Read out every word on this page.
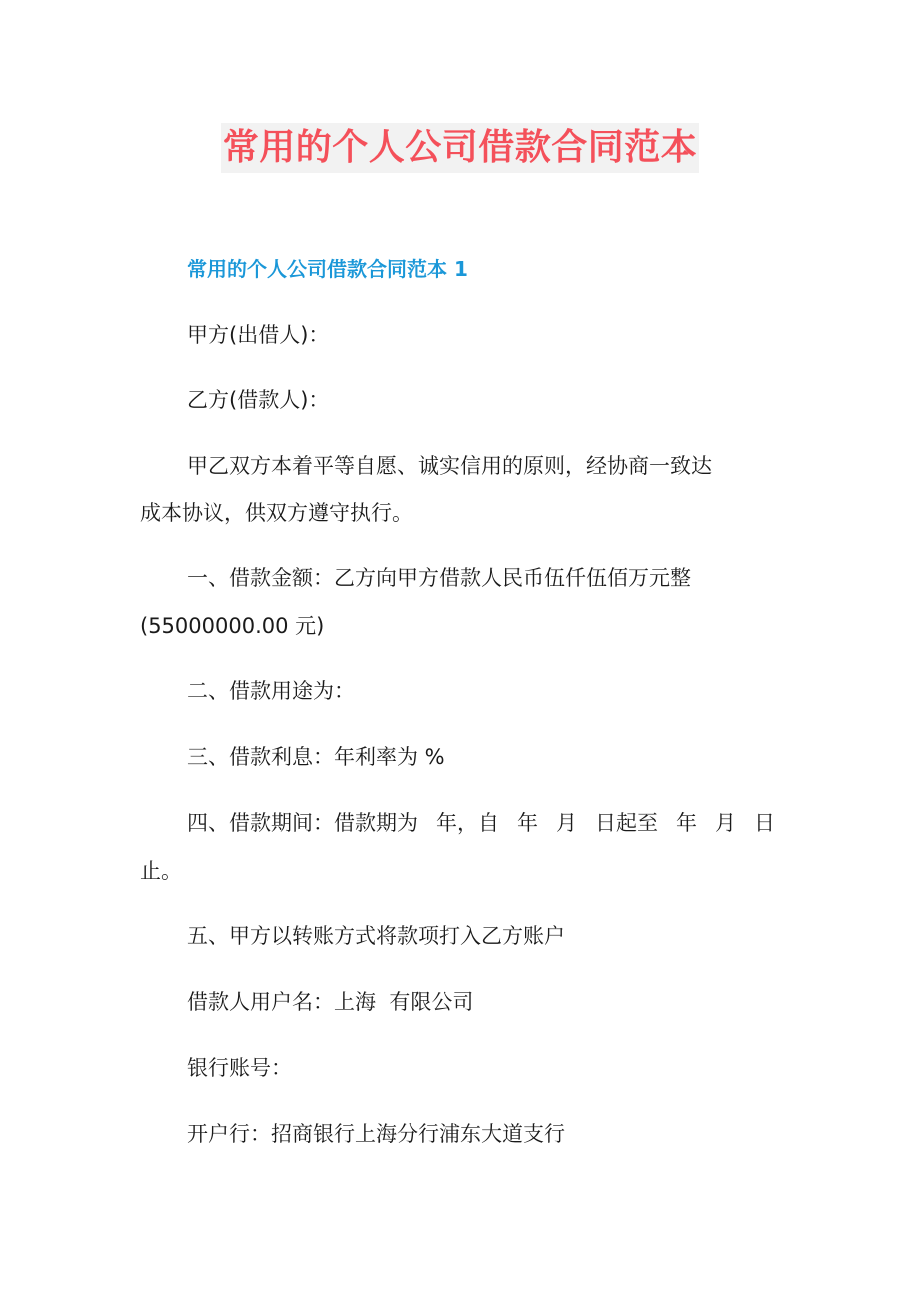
常用的个人公司借款合同范本
常用的个人公司借款合同范本 1
甲方(出借人)：
乙方(借款人)：
甲乙双方本着平等自愿、诚实信用的原则，经协商一致达
成本协议，供双方遵守执行。
一、借款金额：乙方向甲方借款人民币伍仟伍佰万元整
(55000000.00 元)
二、借款用途为：
三、借款利息：年利率为 %
四、借款期间：借款期为 年，自 年 月 日起至 年 月 日
止。
五、甲方以转账方式将款项打入乙方账户
借款人用户名：上海  有限公司
银行账号：
开户行：招商银行上海分行浦东大道支行
